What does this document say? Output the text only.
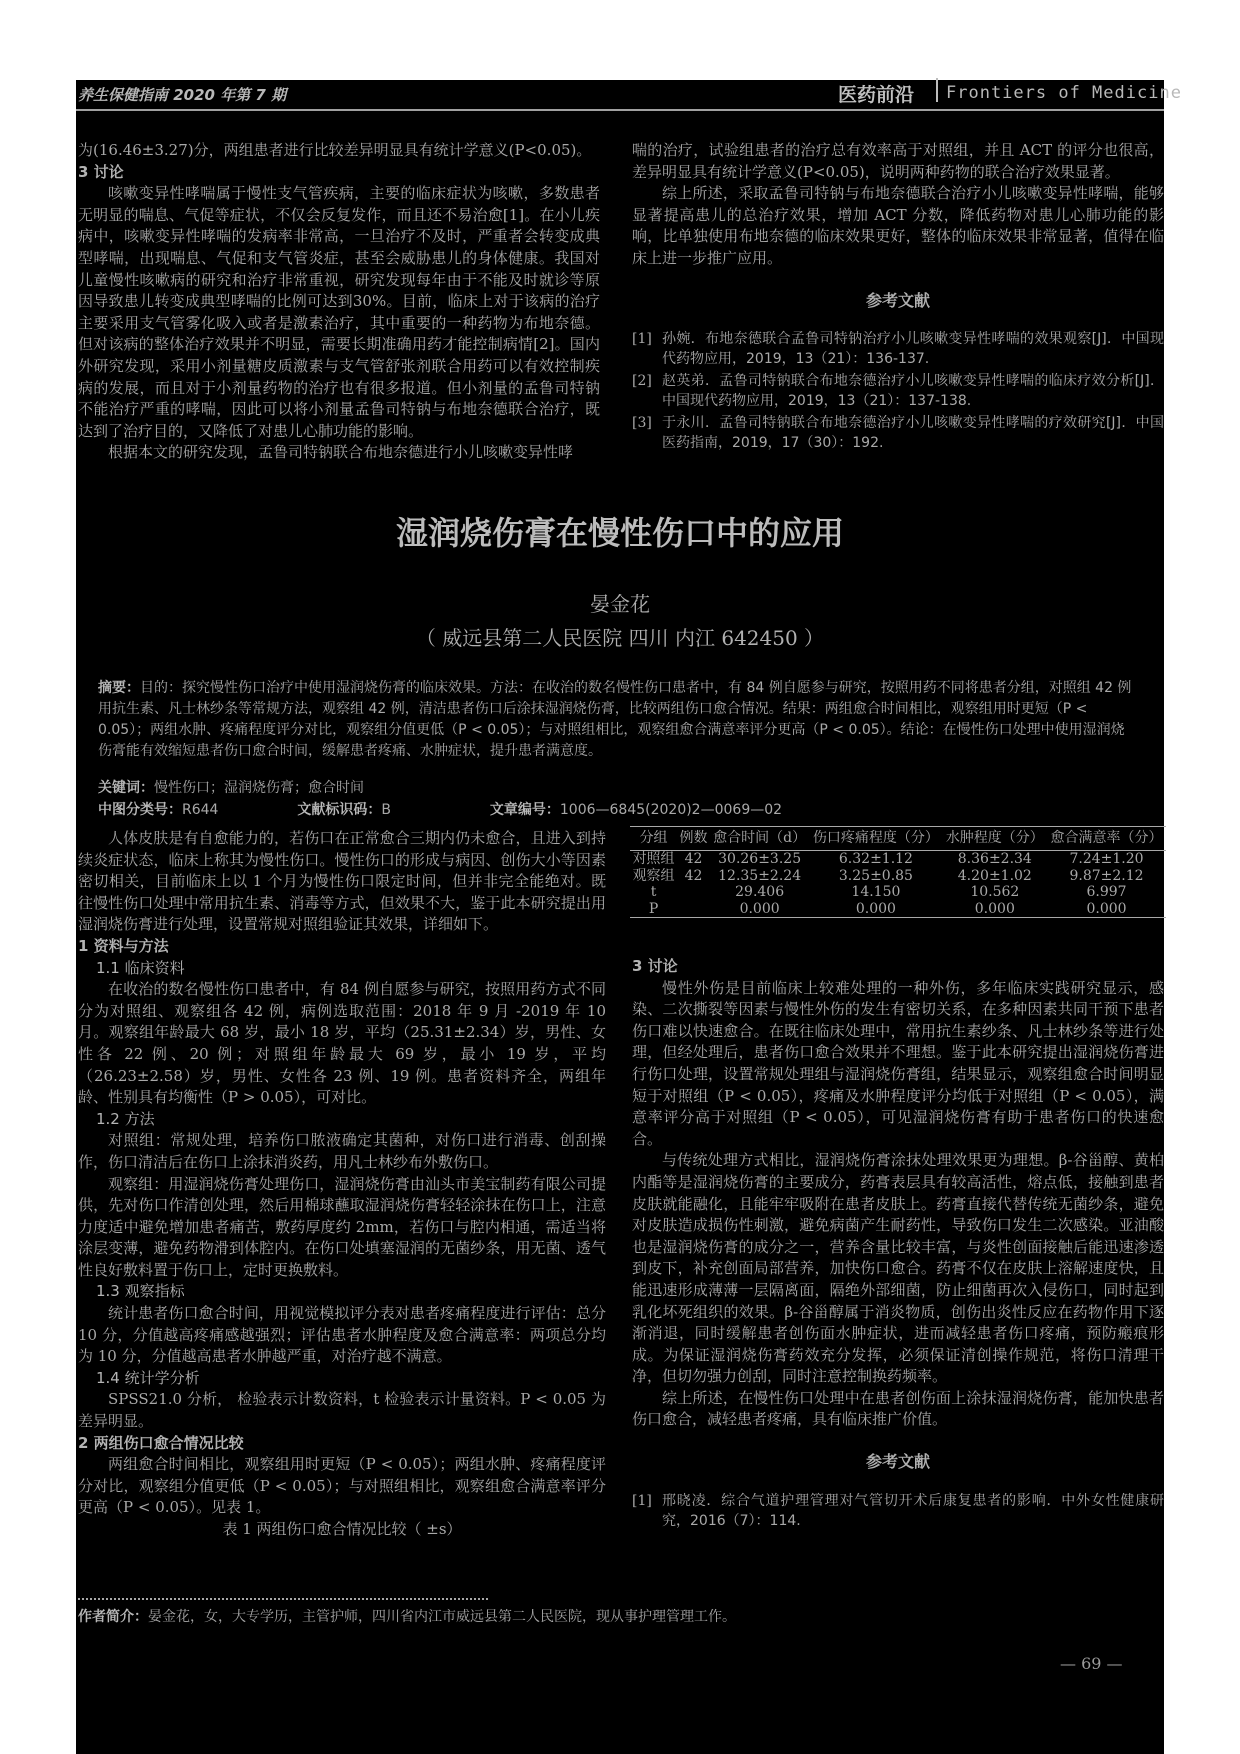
养生保健指南 2020 年第 7 期	医药前沿 Frontiers of Medicine

为(16.46±3.27)分，两组患者进行比较差异明显具有统计学意义(P<0.05)。

3 讨论

咳嗽变异性哮喘属于慢性支气管疾病，主要的临床症状为咳嗽，多数患者无明显的喘息、气促等症状，不仅会反复发作，而且还不易治愈[1]。在小儿疾病中，咳嗽变异性哮喘的发病率非常高，一旦治疗不及时，严重者会转变成典型哮喘，出现喘息、气促和支气管炎症，甚至会威胁患儿的身体健康。我国对儿童慢性咳嗽病的研究和治疗非常重视，研究发现每年由于不能及时就诊等原因导致患儿转变成典型哮喘的比例可达到30%。目前，临床上对于该病的治疗主要采用支气管雾化吸入或者是激素治疗，其中重要的一种药物为布地奈德。但对该病的整体治疗效果并不明显，需要长期准确用药才能控制病情[2]。国内外研究发现，采用小剂量糖皮质激素与支气管舒张剂联合用药可以有效控制疾病的发展，而且对于小剂量药物的治疗也有很多报道。但小剂量的孟鲁司特钠不能治疗严重的哮喘，因此可以将小剂量孟鲁司特钠与布地奈德联合治疗，既达到了治疗目的，又降低了对患儿心肺功能的影响。

根据本文的研究发现，孟鲁司特钠联合布地奈德进行小儿咳嗽变异性哮

喘的治疗，试验组患者的治疗总有效率高于对照组，并且 ACT 的评分也很高，差异明显具有统计学意义(P<0.05)，说明两种药物的联合治疗效果显著。

综上所述，采取孟鲁司特钠与布地奈德联合治疗小儿咳嗽变异性哮喘，能够显著提高患儿的总治疗效果，增加 ACT 分数，降低药物对患儿心肺功能的影响，比单独使用布地奈德的临床效果更好，整体的临床效果非常显著，值得在临床上进一步推广应用。

参考文献
[1] 孙婉．布地奈德联合孟鲁司特钠治疗小儿咳嗽变异性哮喘的效果观察[J]．中国现代药物应用，2019，13（21）：136-137.
[2] 赵英弟．孟鲁司特钠联合布地奈德治疗小儿咳嗽变异性哮喘的临床疗效分析[J]．中国现代药物应用，2019，13（21）：137-138.
[3] 于永川．孟鲁司特钠联合布地奈德治疗小儿咳嗽变异性哮喘的疗效研究[J]．中国医药指南，2019，17（30）：192.
湿润烧伤膏在慢性伤口中的应用
晏金花
（ 威远县第二人民医院 四川 内江 642450 ）
摘要：目的：探究慢性伤口治疗中使用湿润烧伤膏的临床效果。方法：在收治的数名慢性伤口患者中，有 84 例自愿参与研究，按照用药不同将患者分组，对照组 42 例用抗生素、凡士林纱条等常规方法，观察组 42 例，清洁患者伤口后涂抹湿润烧伤膏，比较两组伤口愈合情况。结果：两组愈合时间相比，观察组用时更短（P < 0.05）；两组水肿、疼痛程度评分对比，观察组分值更低（P < 0.05）；与对照组相比，观察组愈合满意率评分更高（P < 0.05）。结论：在慢性伤口处理中使用湿润烧伤膏能有效缩短患者伤口愈合时间，缓解患者疼痛、水肿症状，提升患者满意度。
关键词：慢性伤口；湿润烧伤膏；愈合时间
中图分类号：R644	文献标识码：B	文章编号：1006—6845(2020)2—0069—02

人体皮肤是有自愈能力的，若伤口在正常愈合三期内仍未愈合，且进入到持续炎症状态，临床上称其为慢性伤口。慢性伤口的形成与病因、创伤大小等因素密切相关，目前临床上以 1 个月为慢性伤口限定时间，但并非完全能绝对。既往慢性伤口处理中常用抗生素、消毒等方式，但效果不大，鉴于此本研究提出用湿润烧伤膏进行处理，设置常规对照组验证其效果，详细如下。

1 资料与方法

1.1 临床资料

在收治的数名慢性伤口患者中，有 84 例自愿参与研究，按照用药方式不同分为对照组、观察组各 42 例，病例选取范围：2018 年 9 月 -2019 年 10 月。观察组年龄最大 68 岁，最小 18 岁，平均（25.31±2.34）岁，男性、女性各 22 例、20 例；对照组年龄最大 69 岁，最小 19 岁，平均（26.23±2.58）岁，男性、女性各 23 例、19 例。患者资料齐全，两组年龄、性别具有均衡性（P > 0.05），可对比。

1.2 方法

对照组：常规处理，培养伤口脓液确定其菌种，对伤口进行消毒、创刮操作，伤口清洁后在伤口上涂抹消炎药，用凡士林纱布外敷伤口。

观察组：用湿润烧伤膏处理伤口，湿润烧伤膏由汕头市美宝制药有限公司提供，先对伤口作清创处理，然后用棉球蘸取湿润烧伤膏轻轻涂抹在伤口上，注意力度适中避免增加患者痛苦，敷药厚度约 2mm，若伤口与腔内相通，需适当将涂层变薄，避免药物滑到体腔内。在伤口处填塞湿润的无菌纱条，用无菌、透气性良好敷料置于伤口上，定时更换敷料。

1.3 观察指标

统计患者伤口愈合时间，用视觉模拟评分表对患者疼痛程度进行评估：总分 10 分，分值越高疼痛感越强烈；评估患者水肿程度及愈合满意率：两项总分均为 10 分，分值越高患者水肿越严重，对治疗越不满意。

1.4 统计学分析

SPSS21.0 分析， 检验表示计数资料，t 检验表示计量资料。P < 0.05 为差异明显。

2 两组伤口愈合情况比较

两组愈合时间相比，观察组用时更短（P < 0.05）；两组水肿、疼痛程度评分对比，观察组分值更低（P < 0.05）；与对照组相比，观察组愈合满意率评分更高（P < 0.05）。见表 1。

表 1 两组伤口愈合情况比较（ ±s）

分组	例数	愈合时间（d）	伤口疼痛程度（分）	水肿程度（分）	愈合满意率（分）
对照组	42	30.26±3.25	6.32±1.12	8.36±2.34	7.24±1.20
观察组	42	12.35±2.24	3.25±0.85	4.20±1.02	9.87±2.12
t		29.406	14.150	10.562	6.997
P		0.000	0.000	0.000	0.000

3 讨论

慢性外伤是目前临床上较难处理的一种外伤，多年临床实践研究显示，感染、二次撕裂等因素与慢性外伤的发生有密切关系，在多种因素共同干预下患者伤口难以快速愈合。在既往临床处理中，常用抗生素纱条、凡士林纱条等进行处理，但经处理后，患者伤口愈合效果并不理想。鉴于此本研究提出湿润烧伤膏进行伤口处理，设置常规处理组与湿润烧伤膏组，结果显示，观察组愈合时间明显短于对照组（P < 0.05），疼痛及水肿程度评分均低于对照组（P < 0.05），满意率评分高于对照组（P < 0.05），可见湿润烧伤膏有助于患者伤口的快速愈合。

与传统处理方式相比，湿润烧伤膏涂抹处理效果更为理想。β-谷甾醇、黄柏内酯等是湿润烧伤膏的主要成分，药膏表层具有较高活性，熔点低，接触到患者皮肤就能融化，且能牢牢吸附在患者皮肤上。药膏直接代替传统无菌纱条，避免对皮肤造成损伤性刺激，避免病菌产生耐药性，导致伤口发生二次感染。亚油酸也是湿润烧伤膏的成分之一，营养含量比较丰富，与炎性创面接触后能迅速渗透到皮下，补充创面局部营养，加快伤口愈合。药膏不仅在皮肤上溶解速度快，且能迅速形成薄薄一层隔离面，隔绝外部细菌，防止细菌再次入侵伤口，同时起到乳化坏死组织的效果。β-谷甾醇属于消炎物质，创伤出炎性反应在药物作用下逐渐消退，同时缓解患者创伤面水肿症状，进而减轻患者伤口疼痛，预防瘢痕形成。为保证湿润烧伤膏药效充分发挥，必须保证清创操作规范，将伤口清理干净，但切勿强力创刮，同时注意控制换药频率。

综上所述，在慢性伤口处理中在患者创伤面上涂抹湿润烧伤膏，能加快患者伤口愈合，减轻患者疼痛，具有临床推广价值。

参考文献
[1] 邢晓凌．综合气道护理管理对气管切开术后康复患者的影响．中外女性健康研究，2016（7）：114.
作者简介：晏金花，女，大专学历，主管护师，四川省内江市威远县第二人民医院，现从事护理管理工作。
— 69 —
